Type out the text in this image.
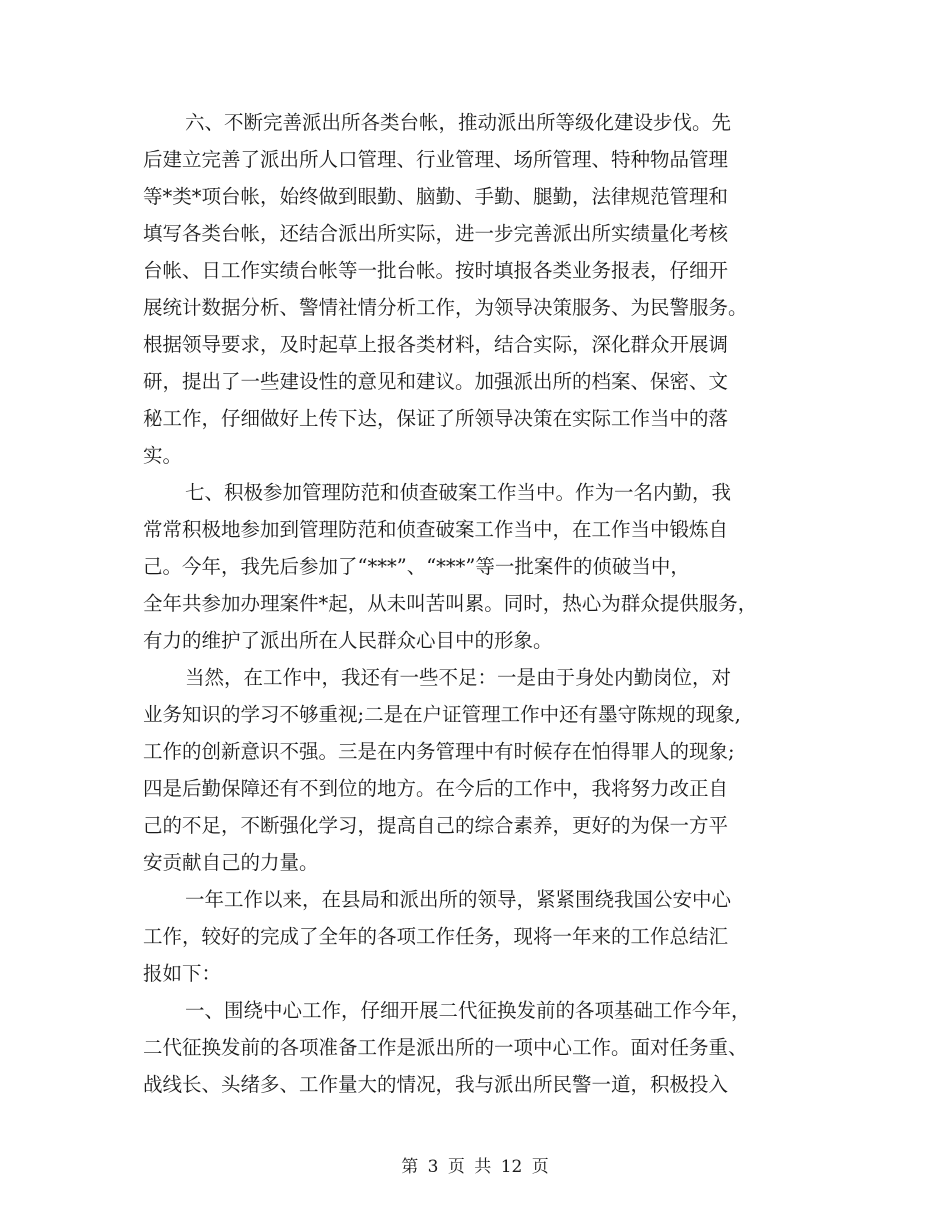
六、不断完善派出所各类台帐，推动派出所等级化建设步伐。先
后建立完善了派出所人口管理、行业管理、场所管理、特种物品管理
等*类*项台帐，始终做到眼勤、脑勤、手勤、腿勤，法律规范管理和
填写各类台帐，还结合派出所实际，进一步完善派出所实绩量化考核
台帐、日工作实绩台帐等一批台帐。按时填报各类业务报表，仔细开
展统计数据分析、警情社情分析工作，为领导决策服务、为民警服务。
根据领导要求，及时起草上报各类材料，结合实际，深化群众开展调
研，提出了一些建设性的意见和建议。加强派出所的档案、保密、文
秘工作，仔细做好上传下达，保证了所领导决策在实际工作当中的落
实。
七、积极参加管理防范和侦查破案工作当中。作为一名内勤，我
常常积极地参加到管理防范和侦查破案工作当中，在工作当中锻炼自
己。今年，我先后参加了“***”、“***”等一批案件的侦破当中，
全年共参加办理案件*起，从未叫苦叫累。同时，热心为群众提供服务，
有力的维护了派出所在人民群众心目中的形象。
当然，在工作中，我还有一些不足：一是由于身处内勤岗位，对
业务知识的学习不够重视;二是在户证管理工作中还有墨守陈规的现象,
工作的创新意识不强。三是在内务管理中有时候存在怕得罪人的现象;
四是后勤保障还有不到位的地方。在今后的工作中，我将努力改正自
己的不足，不断强化学习，提高自己的综合素养，更好的为保一方平
安贡献自己的力量。
一年工作以来，在县局和派出所的领导，紧紧围绕我国公安中心
工作，较好的完成了全年的各项工作任务，现将一年来的工作总结汇
报如下：
一、围绕中心工作，仔细开展二代征换发前的各项基础工作今年，
二代征换发前的各项准备工作是派出所的一项中心工作。面对任务重、
战线长、头绪多、工作量大的情况，我与派出所民警一道，积极投入
第 3 页 共 12 页
